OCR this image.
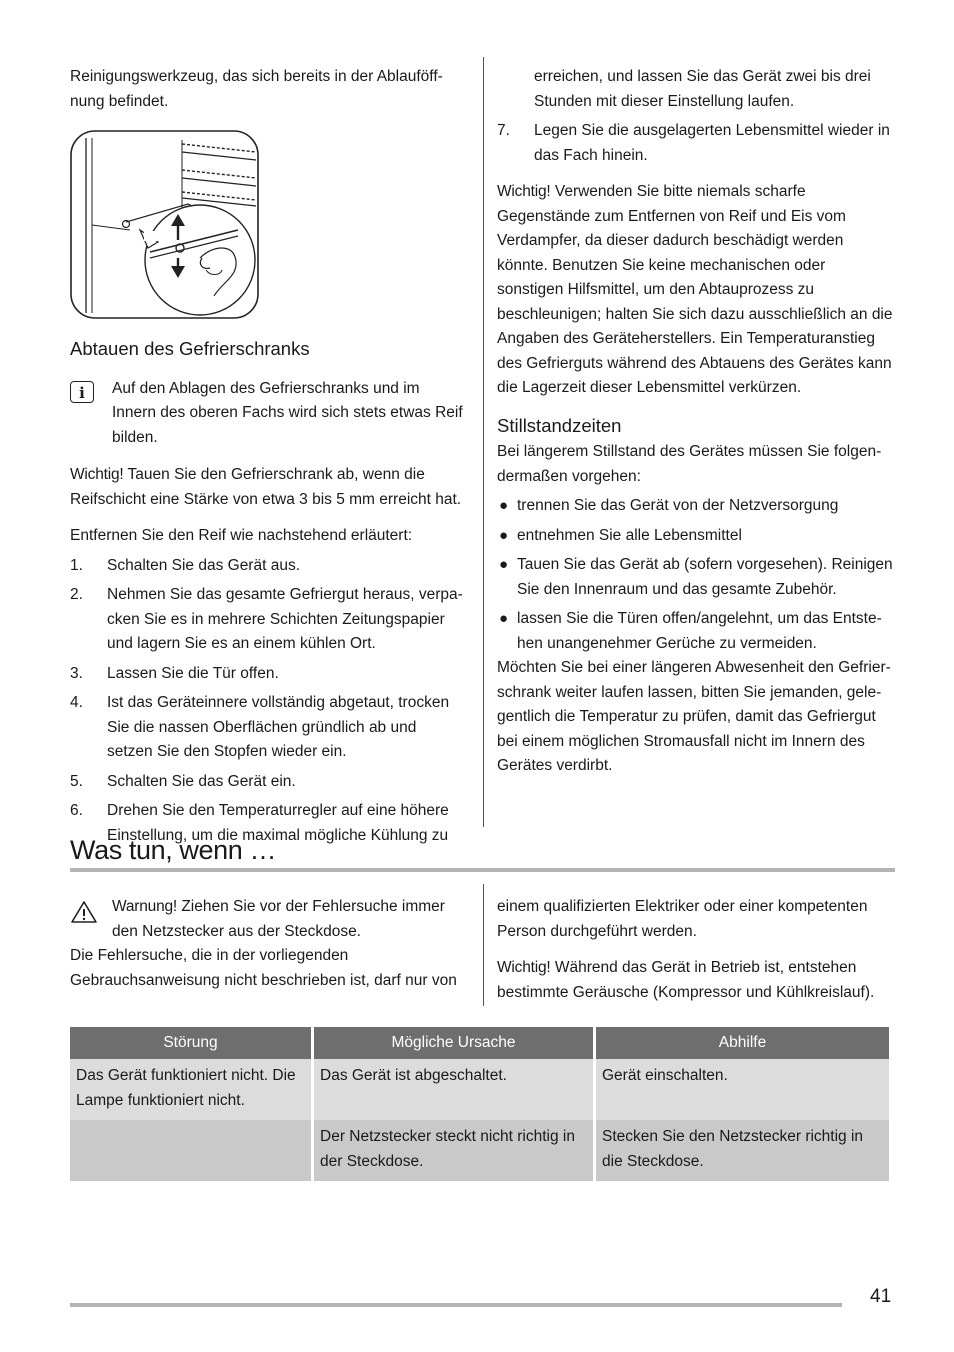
Reinigungswerkzeug, das sich bereits in der Ablauföff-nung befindet.

Abtauen des Gefrierschranks
i	Auf den Ablagen des Gefrierschranks und im Innern des oberen Fachs wird sich stets etwas Reif bilden.

Wichtig! Tauen Sie den Gefrierschrank ab, wenn die Reifschicht eine Stärke von etwa 3 bis 5 mm erreicht hat.

Entfernen Sie den Reif wie nachstehend erläutert:

1. Schalten Sie das Gerät aus.
2. Nehmen Sie das gesamte Gefriergut heraus, verpa-cken Sie es in mehrere Schichten Zeitungspapier und lagern Sie es an einem kühlen Ort.
3. Lassen Sie die Tür offen.
4. Ist das Geräteinnere vollständig abgetaut, trocken Sie die nassen Oberflächen gründlich ab und setzen Sie den Stopfen wieder ein.
5. Schalten Sie das Gerät ein.
6. Drehen Sie den Temperaturregler auf eine höhere Einstellung, um die maximal mögliche Kühlung zu

erreichen, und lassen Sie das Gerät zwei bis drei Stunden mit dieser Einstellung laufen.

7. Legen Sie die ausgelagerten Lebensmittel wieder in das Fach hinein.

Wichtig! Verwenden Sie bitte niemals scharfe Gegenstände zum Entfernen von Reif und Eis vom Verdampfer, da dieser dadurch beschädigt werden könnte. Benutzen Sie keine mechanischen oder sonstigen Hilfsmittel, um den Abtauprozess zu beschleunigen; halten Sie sich dazu ausschließlich an die Angaben des Geräteherstellers. Ein Temperaturanstieg des Gefrierguts während des Abtauens des Gerätes kann die Lagerzeit dieser Lebensmittel verkürzen.

Stillstandzeiten

Bei längerem Stillstand des Gerätes müssen Sie folgen-dermaßen vorgehen:

● trennen Sie das Gerät von der Netzversorgung
● entnehmen Sie alle Lebensmittel
● Tauen Sie das Gerät ab (sofern vorgesehen). Reinigen Sie den Innenraum und das gesamte Zubehör.
● lassen Sie die Türen offen/angelehnt, um das Entste-hen unangenehmer Gerüche zu vermeiden.

Möchten Sie bei einer längeren Abwesenheit den Gefrier-schrank weiter laufen lassen, bitten Sie jemanden, gele-gentlich die Temperatur zu prüfen, damit das Gefriergut bei einem möglichen Stromausfall nicht im Innern des Gerätes verdirbt.

Was tun, wenn …

Warnung! Ziehen Sie vor der Fehlersuche immer den Netzstecker aus der Steckdose.

Die Fehlersuche, die in der vorliegenden Gebrauchsanweisung nicht beschrieben ist, darf nur von

einem qualifizierten Elektriker oder einer kompetenten Person durchgeführt werden.

Wichtig! Während das Gerät in Betrieb ist, entstehen bestimmte Geräusche (Kompressor und Kühlkreislauf).

Störung	Mögliche Ursache	Abhilfe
Das Gerät funktioniert nicht. Die Lampe funktioniert nicht.	Das Gerät ist abgeschaltet.	Gerät einschalten.
	Der Netzstecker steckt nicht richtig in der Steckdose.	Stecken Sie den Netzstecker richtig in die Steckdose.
41
